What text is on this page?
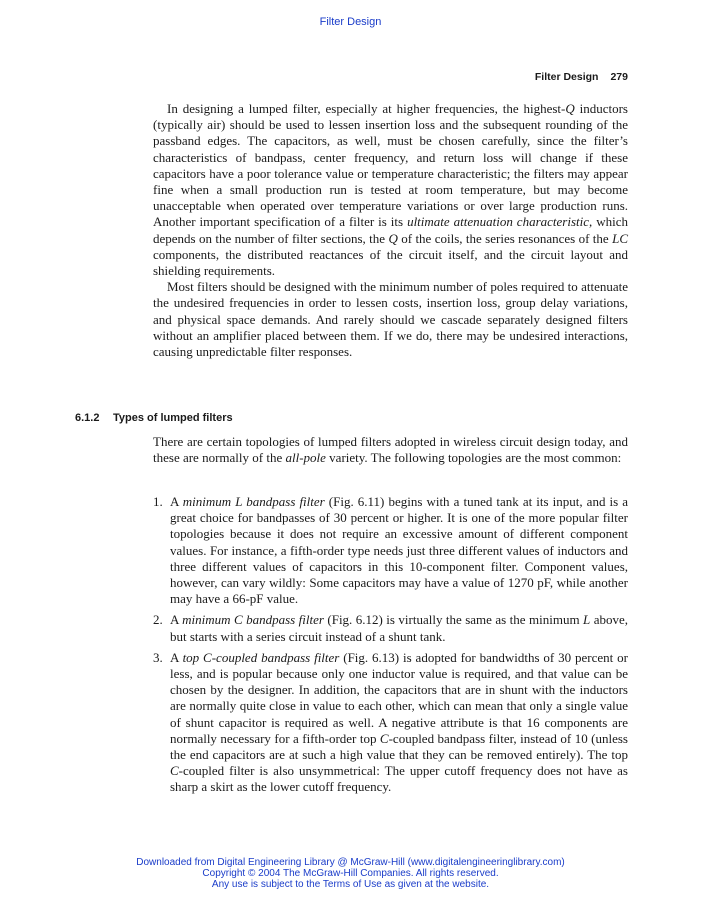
Filter Design
Filter Design 279

In designing a lumped filter, especially at higher frequencies, the highest-Q inductors (typically air) should be used to lessen insertion loss and the subsequent rounding of the passband edges. The capacitors, as well, must be chosen carefully, since the filter’s characteristics of bandpass, center frequency, and return loss will change if these capacitors have a poor tolerance value or temperature characteristic; the filters may appear fine when a small production run is tested at room temperature, but may become unacceptable when operated over temperature variations or over large production runs. Another important specification of a filter is its ultimate attenuation characteristic, which depends on the number of filter sections, the Q of the coils, the series resonances of the LC components, the distributed reactances of the circuit itself, and the circuit layout and shielding requirements.

Most filters should be designed with the minimum number of poles required to attenuate the undesired frequencies in order to lessen costs, insertion loss, group delay variations, and physical space demands. And rarely should we cascade separately designed filters without an amplifier placed between them. If we do, there may be undesired interactions, causing unpredictable filter responses.

6.1.2 Types of lumped filters

There are certain topologies of lumped filters adopted in wireless circuit design today, and these are normally of the all-pole variety. The following topologies are the most common:

1. A minimum L bandpass filter (Fig. 6.11) begins with a tuned tank at its input, and is a great choice for bandpasses of 30 percent or higher. It is one of the more popular filter topologies because it does not require an excessive amount of different component values. For instance, a fifth-order type needs just three different values of inductors and three different values of capacitors in this 10-component filter. Component values, however, can vary wildly: Some capacitors may have a value of 1270 pF, while another may have a 66-pF value.
2. A minimum C bandpass filter (Fig. 6.12) is virtually the same as the minimum L above, but starts with a series circuit instead of a shunt tank.
3. A top C-coupled bandpass filter (Fig. 6.13) is adopted for bandwidths of 30 percent or less, and is popular because only one inductor value is required, and that value can be chosen by the designer. In addition, the capacitors that are in shunt with the inductors are normally quite close in value to each other, which can mean that only a single value of shunt capacitor is required as well. A negative attribute is that 16 components are normally necessary for a fifth-order top C-coupled bandpass filter, instead of 10 (unless the end capacitors are at such a high value that they can be removed entirely). The top C-coupled filter is also unsymmetrical: The upper cutoff frequency does not have as sharp a skirt as the lower cutoff frequency.
Downloaded from Digital Engineering Library @ McGraw-Hill (www.digitalengineeringlibrary.com)
Copyright © 2004 The McGraw-Hill Companies. All rights reserved.
Any use is subject to the Terms of Use as given at the website.
